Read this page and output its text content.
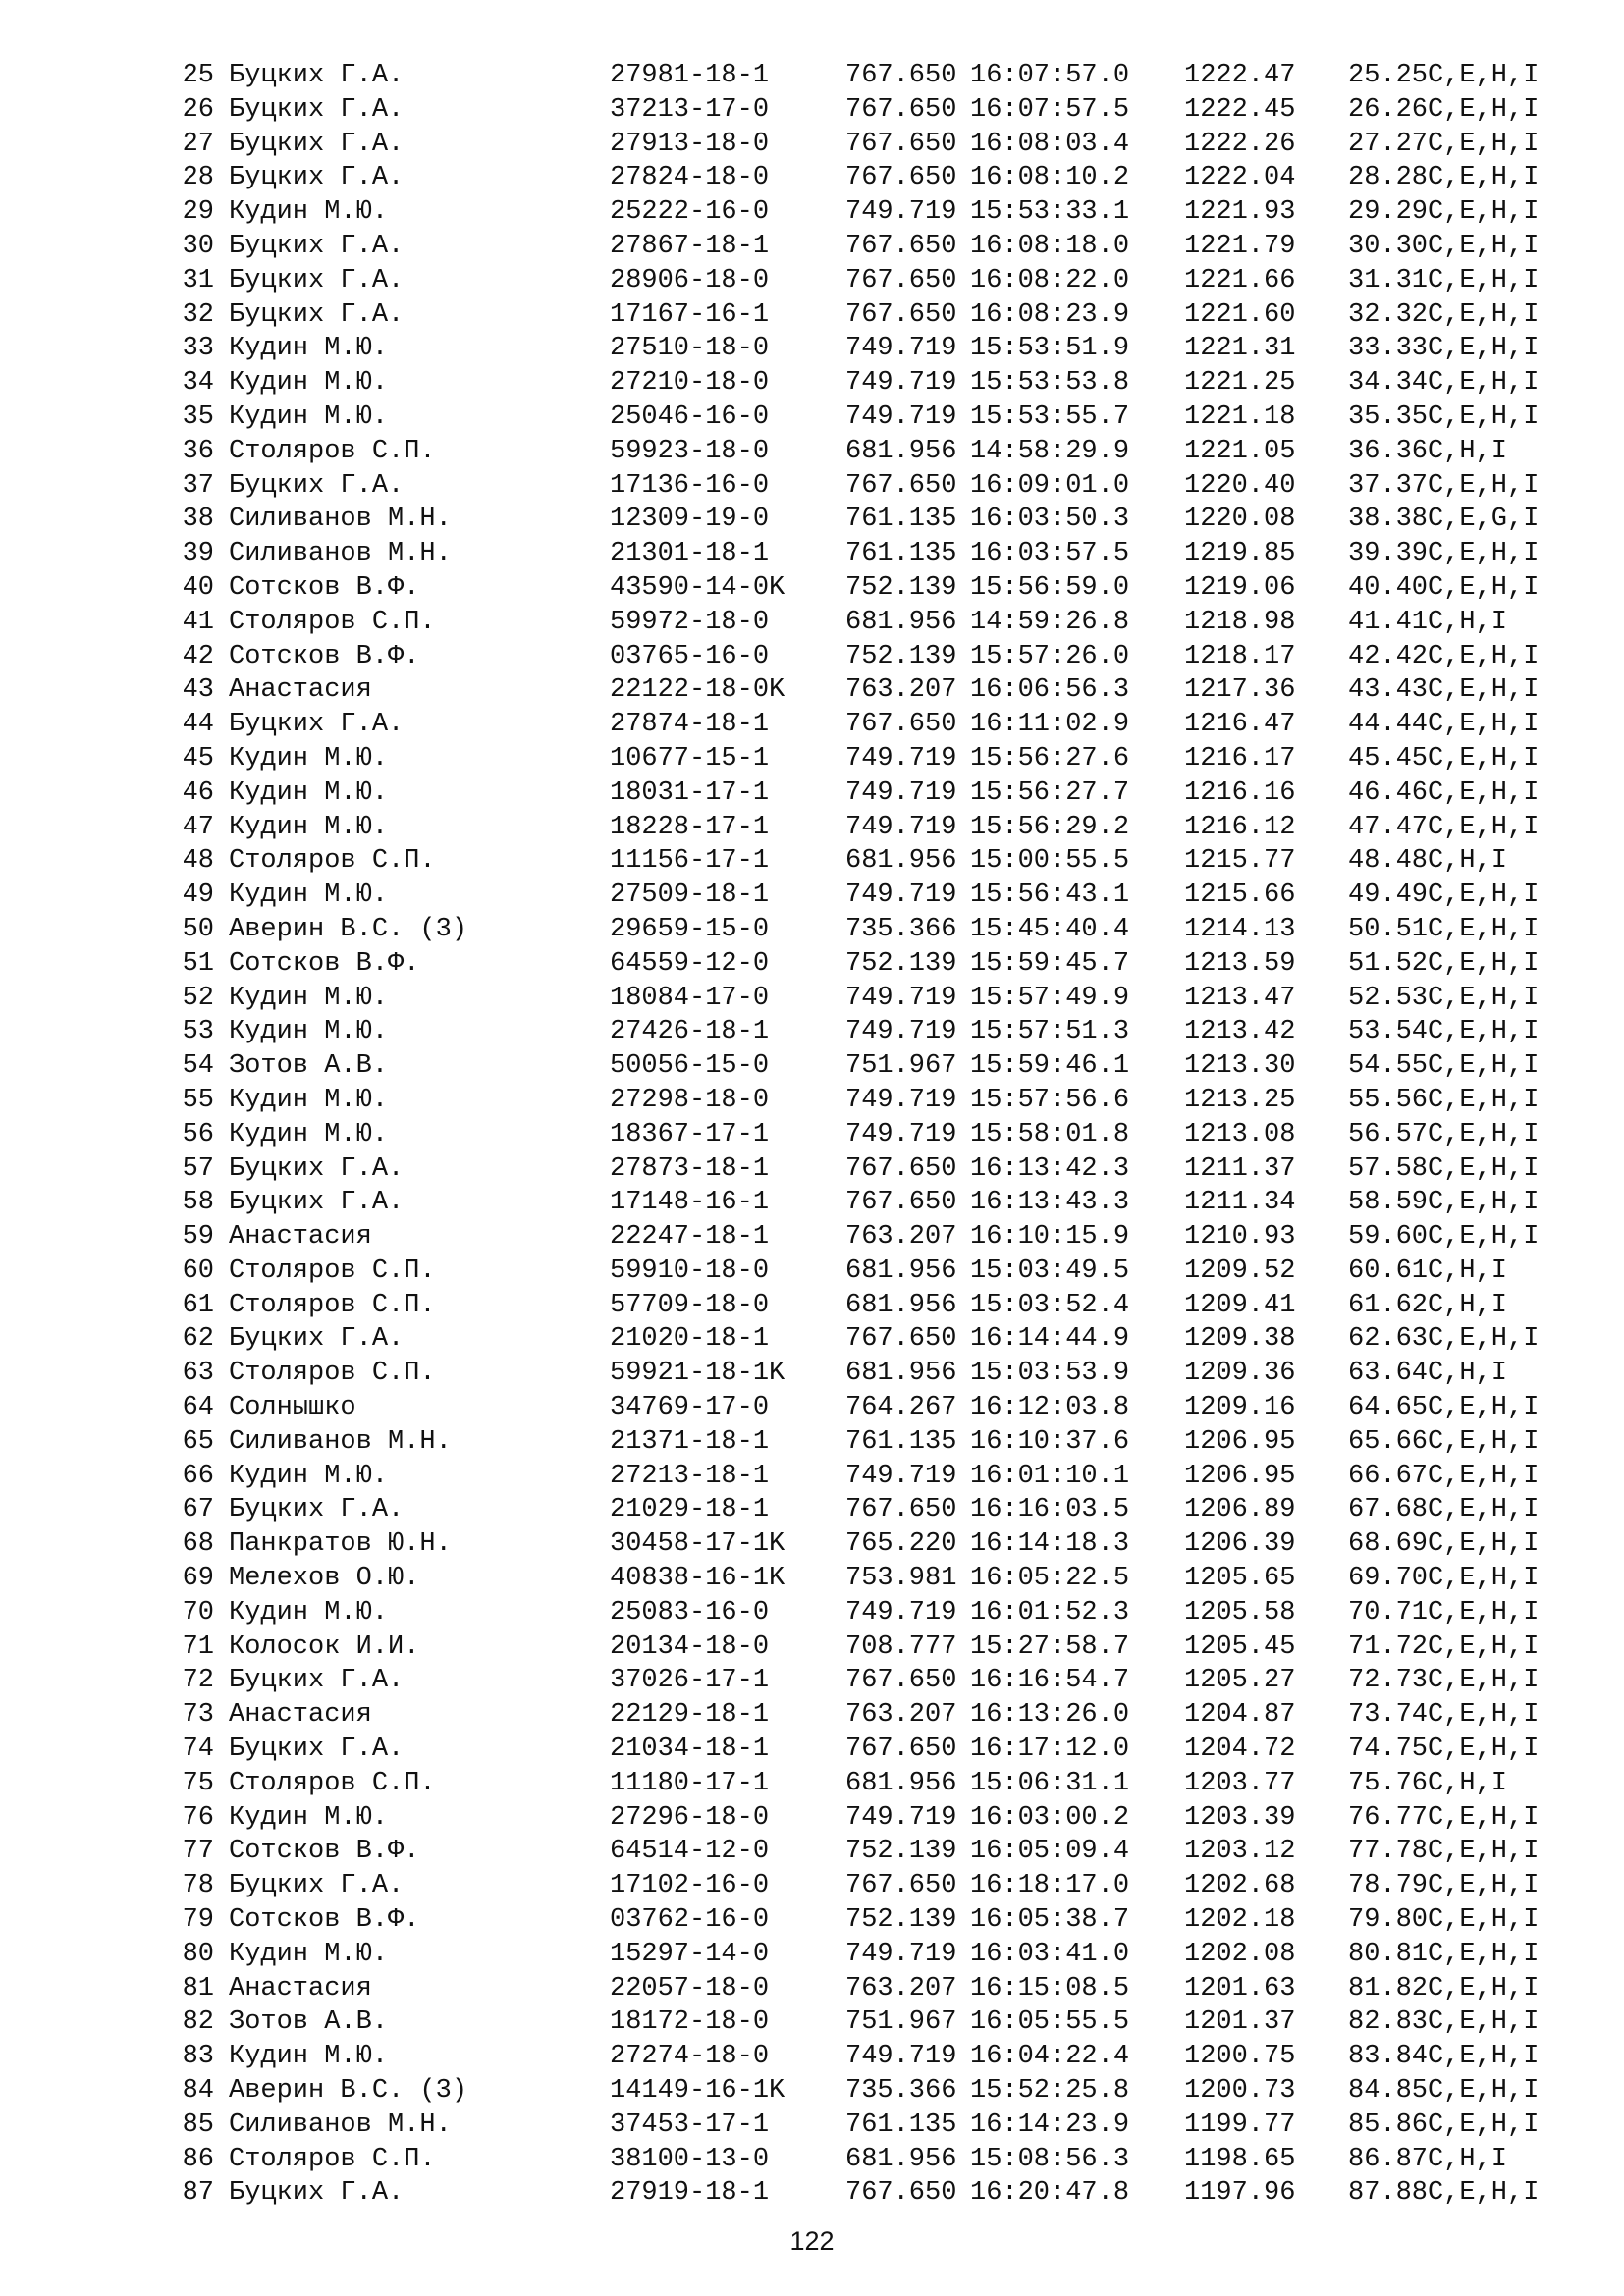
25 Буцких Г.А.	27981-18-1	767.650 16:07:57.0 1222.47 25.25 C,E,H,I
26 Буцких Г.А.	37213-17-0	767.650 16:07:57.5 1222.45 26.26 C,E,H,I
27 Буцких Г.А.	27913-18-0	767.650 16:08:03.4 1222.26 27.27 C,E,H,I
28 Буцких Г.А.	27824-18-0	767.650 16:08:10.2 1222.04 28.28 C,E,H,I
29 Кудин М.Ю.	25222-16-0	749.719 15:53:33.1 1221.93 29.29 C,E,H,I
30 Буцких Г.А.	27867-18-1	767.650 16:08:18.0 1221.79 30.30 C,E,H,I
31 Буцких Г.А.	28906-18-0	767.650 16:08:22.0 1221.66 31.31 C,E,H,I
32 Буцких Г.А.	17167-16-1	767.650 16:08:23.9 1221.60 32.32 C,E,H,I
33 Кудин М.Ю.	27510-18-0	749.719 15:53:51.9 1221.31 33.33 C,E,H,I
34 Кудин М.Ю.	27210-18-0	749.719 15:53:53.8 1221.25 34.34 C,E,H,I
35 Кудин М.Ю.	25046-16-0	749.719 15:53:55.7 1221.18 35.35 C,E,H,I
36 Столяров С.П.	59923-18-0	681.956 14:58:29.9 1221.05 36.36 C,H,I
37 Буцких Г.А.	17136-16-0	767.650 16:09:01.0 1220.40 37.37 C,E,H,I
38 Силиванов М.Н.	12309-19-0	761.135 16:03:50.3 1220.08 38.38 C,E,G,I
39 Силиванов М.Н.	21301-18-1	761.135 16:03:57.5 1219.85 39.39 C,E,H,I
40 Сотсков В.Ф.	43590-14-0K 752.139 15:56:59.0 1219.06 40.40 C,E,H,I
41 Столяров С.П.	59972-18-0	681.956 14:59:26.8 1218.98 41.41 C,H,I
42 Сотсков В.Ф.	03765-16-0	752.139 15:57:26.0 1218.17 42.42 C,E,H,I
43 Анастасия	22122-18-0K 763.207 16:06:56.3 1217.36 43.43 C,E,H,I
44 Буцких Г.А.	27874-18-1	767.650 16:11:02.9 1216.47 44.44 C,E,H,I
45 Кудин М.Ю.	10677-15-1	749.719 15:56:27.6 1216.17 45.45 C,E,H,I
46 Кудин М.Ю.	18031-17-1	749.719 15:56:27.7 1216.16 46.46 C,E,H,I
47 Кудин М.Ю.	18228-17-1	749.719 15:56:29.2 1216.12 47.47 C,E,H,I
48 Столяров С.П.	11156-17-1	681.956 15:00:55.5 1215.77 48.48 C,H,I
49 Кудин М.Ю.	27509-18-1	749.719 15:56:43.1 1215.66 49.49 C,E,H,I
50 Аверин В.С. (3)	29659-15-0	735.366 15:45:40.4 1214.13 50.51 C,E,H,I
51 Сотсков В.Ф.	64559-12-0	752.139 15:59:45.7 1213.59 51.52 C,E,H,I
52 Кудин М.Ю.	18084-17-0	749.719 15:57:49.9 1213.47 52.53 C,E,H,I
53 Кудин М.Ю.	27426-18-1	749.719 15:57:51.3 1213.42 53.54 C,E,H,I
54 Зотов А.В.	50056-15-0	751.967 15:59:46.1 1213.30 54.55 C,E,H,I
55 Кудин М.Ю.	27298-18-0	749.719 15:57:56.6 1213.25 55.56 C,E,H,I
56 Кудин М.Ю.	18367-17-1	749.719 15:58:01.8 1213.08 56.57 C,E,H,I
57 Буцких Г.А.	27873-18-1	767.650 16:13:42.3 1211.37 57.58 C,E,H,I
58 Буцких Г.А.	17148-16-1	767.650 16:13:43.3 1211.34 58.59 C,E,H,I
59 Анастасия	22247-18-1	763.207 16:10:15.9 1210.93 59.60 C,E,H,I
60 Столяров С.П.	59910-18-0	681.956 15:03:49.5 1209.52 60.61 C,H,I
61 Столяров С.П.	57709-18-0	681.956 15:03:52.4 1209.41 61.62 C,H,I
62 Буцких Г.А.	21020-18-1	767.650 16:14:44.9 1209.38 62.63 C,E,H,I
63 Столяров С.П.	59921-18-1K 681.956 15:03:53.9 1209.36 63.64 C,H,I
64 Солнышко	34769-17-0	764.267 16:12:03.8 1209.16 64.65 C,E,H,I
65 Силиванов М.Н.	21371-18-1	761.135 16:10:37.6 1206.95 65.66 C,E,H,I
66 Кудин М.Ю.	27213-18-1	749.719 16:01:10.1 1206.95 66.67 C,E,H,I
67 Буцких Г.А.	21029-18-1	767.650 16:16:03.5 1206.89 67.68 C,E,H,I
68 Панкратов Ю.Н.	30458-17-1K 765.220 16:14:18.3 1206.39 68.69 C,E,H,I
69 Мелехов О.Ю.	40838-16-1K 753.981 16:05:22.5 1205.65 69.70 C,E,H,I
70 Кудин М.Ю.	25083-16-0	749.719 16:01:52.3 1205.58 70.71 C,E,H,I
71 Колосок И.И.	20134-18-0	708.777 15:27:58.7 1205.45 71.72 C,E,H,I
72 Буцких Г.А.	37026-17-1	767.650 16:16:54.7 1205.27 72.73 C,E,H,I
73 Анастасия	22129-18-1	763.207 16:13:26.0 1204.87 73.74 C,E,H,I
74 Буцких Г.А.	21034-18-1	767.650 16:17:12.0 1204.72 74.75 C,E,H,I
75 Столяров С.П.	11180-17-1	681.956 15:06:31.1 1203.77 75.76 C,H,I
76 Кудин М.Ю.	27296-18-0	749.719 16:03:00.2 1203.39 76.77 C,E,H,I
77 Сотсков В.Ф.	64514-12-0	752.139 16:05:09.4 1203.12 77.78 C,E,H,I
78 Буцких Г.А.	17102-16-0	767.650 16:18:17.0 1202.68 78.79 C,E,H,I
79 Сотсков В.Ф.	03762-16-0	752.139 16:05:38.7 1202.18 79.80 C,E,H,I
80 Кудин М.Ю.	15297-14-0	749.719 16:03:41.0 1202.08 80.81 C,E,H,I
81 Анастасия	22057-18-0	763.207 16:15:08.5 1201.63 81.82 C,E,H,I
82 Зотов А.В.	18172-18-0	751.967 16:05:55.5 1201.37 82.83 C,E,H,I
83 Кудин М.Ю.	27274-18-0	749.719 16:04:22.4 1200.75 83.84 C,E,H,I
84 Аверин В.С. (3)	14149-16-1K 735.366 15:52:25.8 1200.73 84.85 C,E,H,I
85 Силиванов М.Н.	37453-17-1	761.135 16:14:23.9 1199.77 85.86 C,E,H,I
86 Столяров С.П.	38100-13-0	681.956 15:08:56.3 1198.65 86.87 C,H,I
87 Буцких Г.А.	27919-18-1	767.650 16:20:47.8 1197.96 87.88 C,E,H,I
122
